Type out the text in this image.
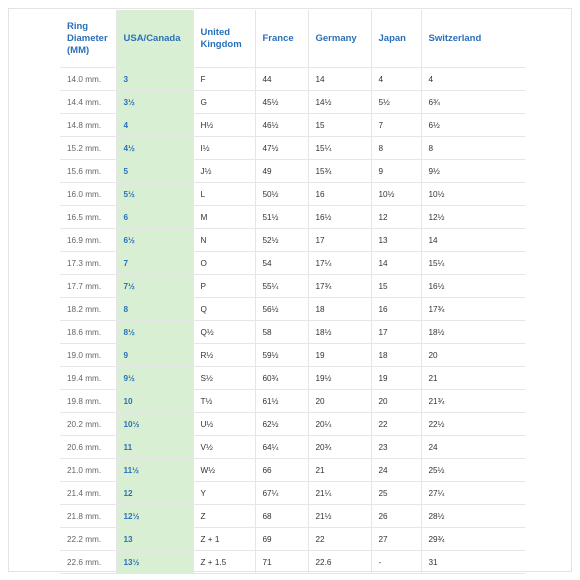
Ring Diameter (MM)	USA/Canada	United Kingdom	France	Germany	Japan	Switzerland
14.0 mm.	3	F	44	14	4	4
14.4 mm.	3½	G	45½	14½	5½	6¾
14.8 mm.	4	H½	46½	15	7	6½
15.2 mm.	4½	I½	47½	15¼	8	8
15.6 mm.	5	J½	49	15¾	9	9½
16.0 mm.	5½	L	50½	16	10½	10½
16.5 mm.	6	M	51½	16½	12	12½
16.9 mm.	6½	N	52½	17	13	14
17.3 mm.	7	O	54	17¼	14	15¼
17.7 mm.	7½	P	55¼	17¾	15	16½
18.2 mm.	8	Q	56½	18	16	17¾
18.6 mm.	8½	Q½	58	18½	17	18½
19.0 mm.	9	R½	59½	19	18	20
19.4 mm.	9½	S½	60¾	19½	19	21
19.8 mm.	10	T½	61½	20	20	21¾
20.2 mm.	10½	U½	62½	20¼	22	22½
20.6 mm.	11	V½	64¼	20¾	23	24
21.0 mm.	11½	W½	66	21	24	25½
21.4 mm.	12	Y	67¼	21¼	25	27¼
21.8 mm.	12½	Z	68	21½	26	28½
22.2 mm.	13	Z + 1	69	22	27	29¾
22.6 mm.	13½	Z + 1.5	71	22.6	-	31
